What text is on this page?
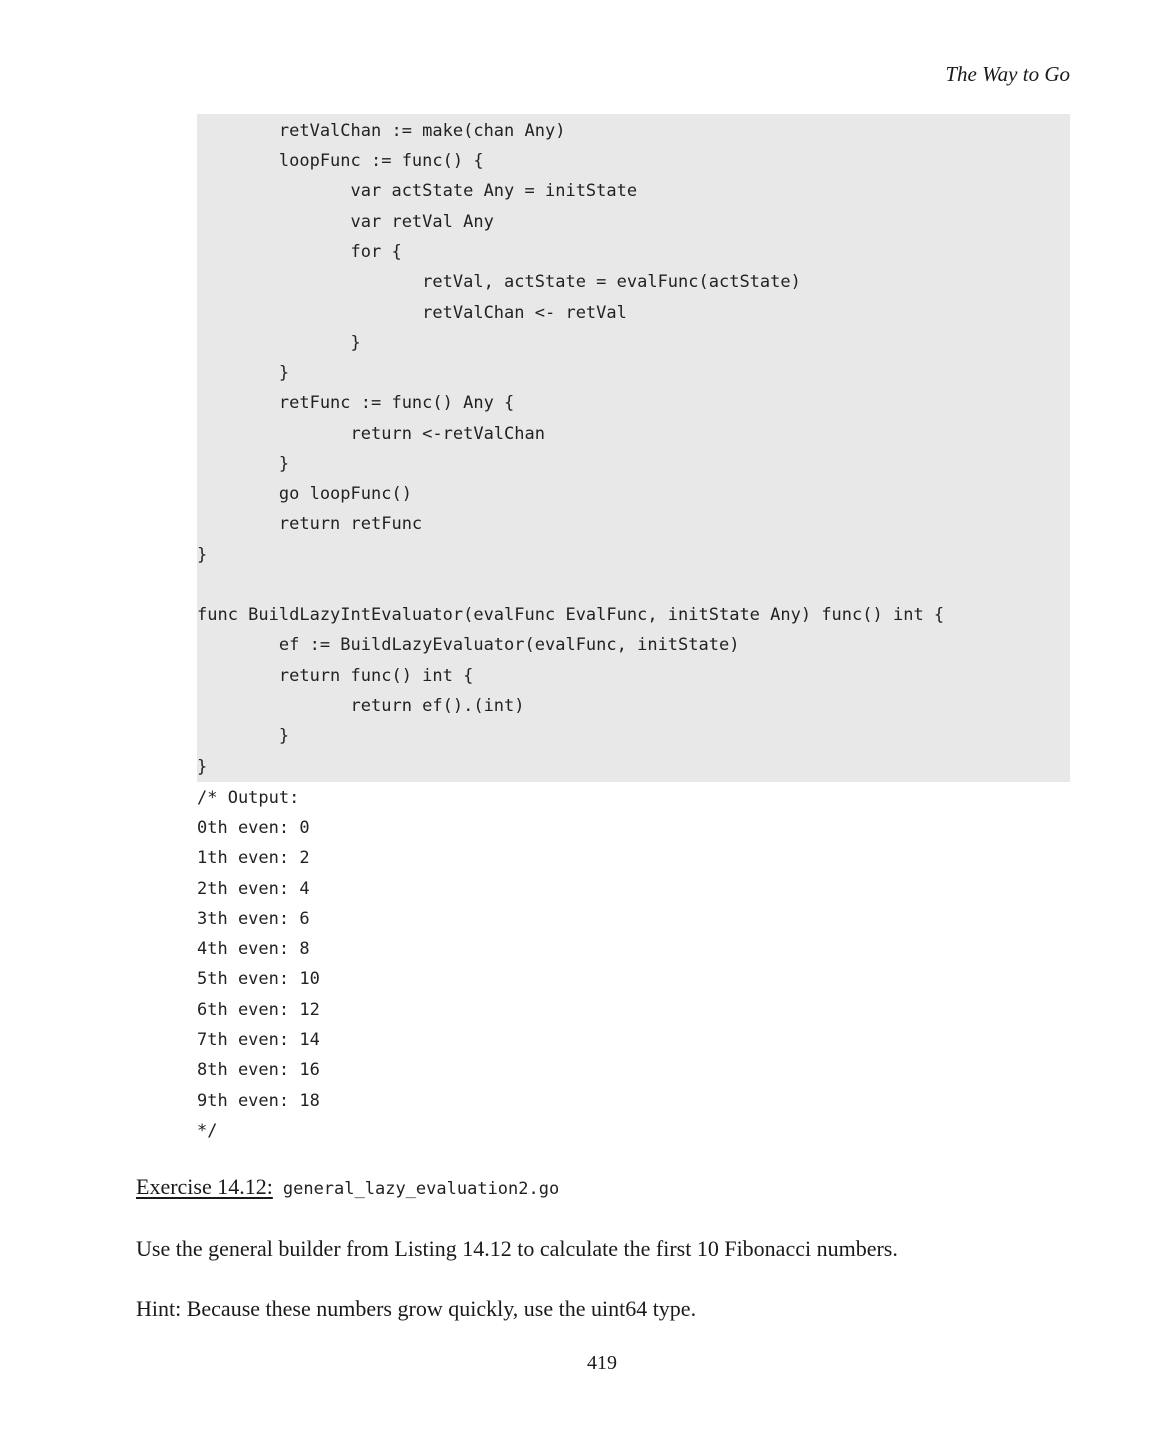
The Way to Go
retValChan := make(chan Any)
loopFunc := func() {
var actState Any = initState
var retVal Any
for {
retVal, actState = evalFunc(actState)
retValChan <- retVal
}
}
retFunc := func() Any {
return <-retValChan
}
go loopFunc()
return retFunc
}
func BuildLazyIntEvaluator(evalFunc EvalFunc, initState Any) func() int {
ef := BuildLazyEvaluator(evalFunc, initState)
return func() int {
return ef().(int)
}
}
/* Output:
0th even: 0
1th even: 2
2th even: 4
3th even: 6
4th even: 8
5th even: 10
6th even: 12
7th even: 14
8th even: 16
9th even: 18
*/
Exercise 14.12: general_lazy_evaluation2.go
Use the general builder from Listing 14.12 to calculate the first 10 Fibonacci numbers.
Hint: Because these numbers grow quickly, use the uint64 type.
419
